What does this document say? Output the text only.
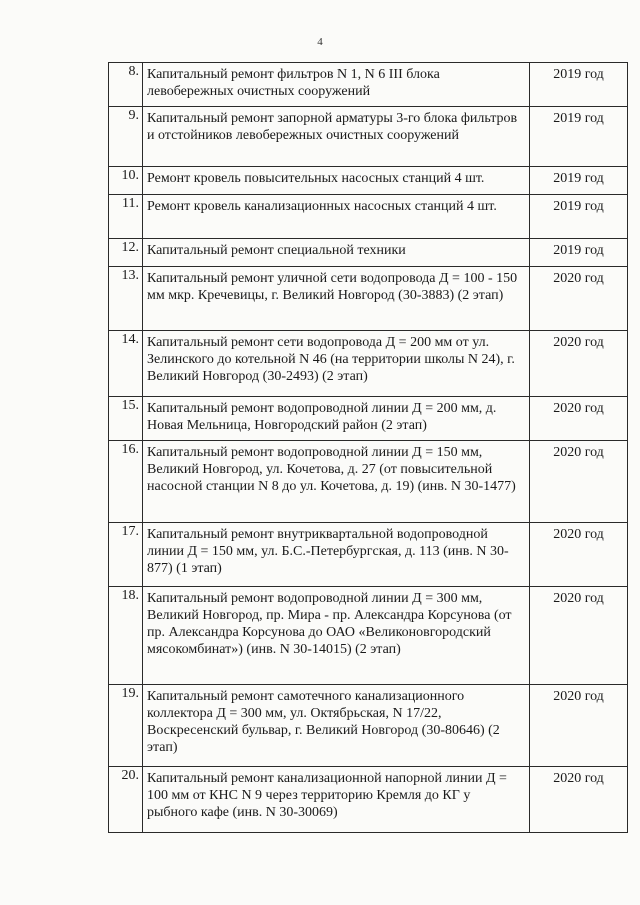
4
8.	Капитальный ремонт фильтров N 1, N 6 III блока левобережных очистных сооружений	2019 год
9.	Капитальный ремонт запорной арматуры 3-го блока фильтров и отстойников левобережных очистных сооружений	2019 год
10.	Ремонт кровель повысительных насосных станций 4 шт.	2019 год
11.	Ремонт кровель канализационных насосных станций 4 шт.	2019 год
12.	Капитальный ремонт специальной техники	2019 год
13.	Капитальный ремонт уличной сети водопровода Д = 100 - 150 мм мкр. Кречевицы, г. Великий Новгород (30-3883) (2 этап)	2020 год
14.	Капитальный ремонт сети водопровода Д = 200 мм от ул. Зелинского до котельной N 46 (на территории школы N 24), г. Великий Новгород (30-2493) (2 этап)	2020 год
15.	Капитальный ремонт водопроводной линии Д = 200 мм, д. Новая Мельница, Новгородский район (2 этап)	2020 год
16.	Капитальный ремонт водопроводной линии Д = 150 мм, Великий Новгород, ул. Кочетова, д. 27 (от повысительной насосной станции N 8 до ул. Кочетова, д. 19) (инв. N 30-1477)	2020 год
17.	Капитальный ремонт внутриквартальной водопроводной линии Д = 150 мм, ул. Б.С.-Петербургская, д. 113 (инв. N 30-877) (1 этап)	2020 год
18.	Капитальный ремонт водопроводной линии Д = 300 мм, Великий Новгород, пр. Мира - пр. Александра Корсунова (от пр. Александра Корсунова до ОАО «Великоновгородский мясокомбинат») (инв. N 30-14015) (2 этап)	2020 год
19.	Капитальный ремонт самотечного канализационного коллектора Д = 300 мм, ул. Октябрьская, N 17/22, Воскресенский бульвар, г. Великий Новгород (30-80646) (2 этап)	2020 год
20.	Капитальный ремонт канализационной напорной линии Д = 100 мм от КНС N 9 через территорию Кремля до КГ у рыбного кафе (инв. N 30-30069)	2020 год
